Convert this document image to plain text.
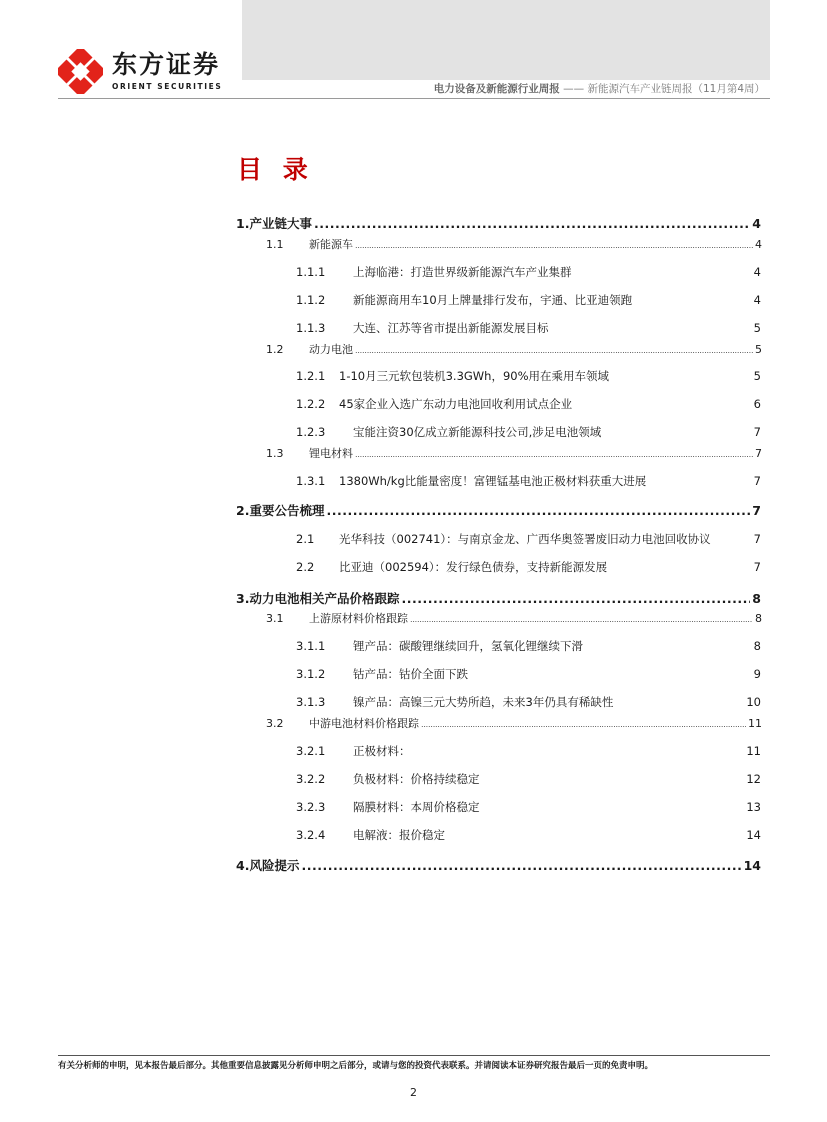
东方证券
ORIENT SECURITIES	电力设备及新能源行业周报 —— 新能源汽车产业链周报（11月第4周）
目 录
1. 产业链大事 .....	4
1.1	新能源车 .....	4
1.1.1	上海临港：打造世界级新能源汽车产业集群	4
1.1.2	新能源商用车10月上牌量排行发布，宇通、比亚迪领跑	4
1.1.3	大连、江苏等省市提出新能源发展目标	5
1.2	动力电池 .....	5
1.2.1	1-10月三元软包装机3.3GWh，90%用在乘用车领域	5
1.2.2	45家企业入选广东动力电池回收利用试点企业	6
1.2.3	宝能注资30亿成立新能源科技公司,涉足电池领域	7
1.3	锂电材料 .....	7
1.3.1	1380Wh/kg比能量密度！富锂锰基电池正极材料获重大进展	7
2. 重要公告梳理 .....	7
2.1	光华科技（002741）：与南京金龙、广西华奥签署废旧动力电池回收协议	7
2.2	比亚迪（002594）：发行绿色债券，支持新能源发展	7
3. 动力电池相关产品价格跟踪 .....	8
3.1	上游原材料价格跟踪 .....	8
3.1.1	锂产品：碳酸锂继续回升，氢氧化锂继续下滑	8
3.1.2	钴产品：钴价全面下跌	9
3.1.3	镍产品：高镍三元大势所趋，未来3年仍具有稀缺性	10
3.2	中游电池材料价格跟踪 .....	11
3.2.1	正极材料：	11
3.2.2	负极材料：价格持续稳定	12
3.2.3	隔膜材料：本周价格稳定	13
3.2.4	电解液：报价稳定	14
4. 风险提示 .....	14
有关分析师的申明，见本报告最后部分。其他重要信息披露见分析师申明之后部分，或请与您的投资代表联系。并请阅读本证券研究报告最后一页的免责申明。
2
